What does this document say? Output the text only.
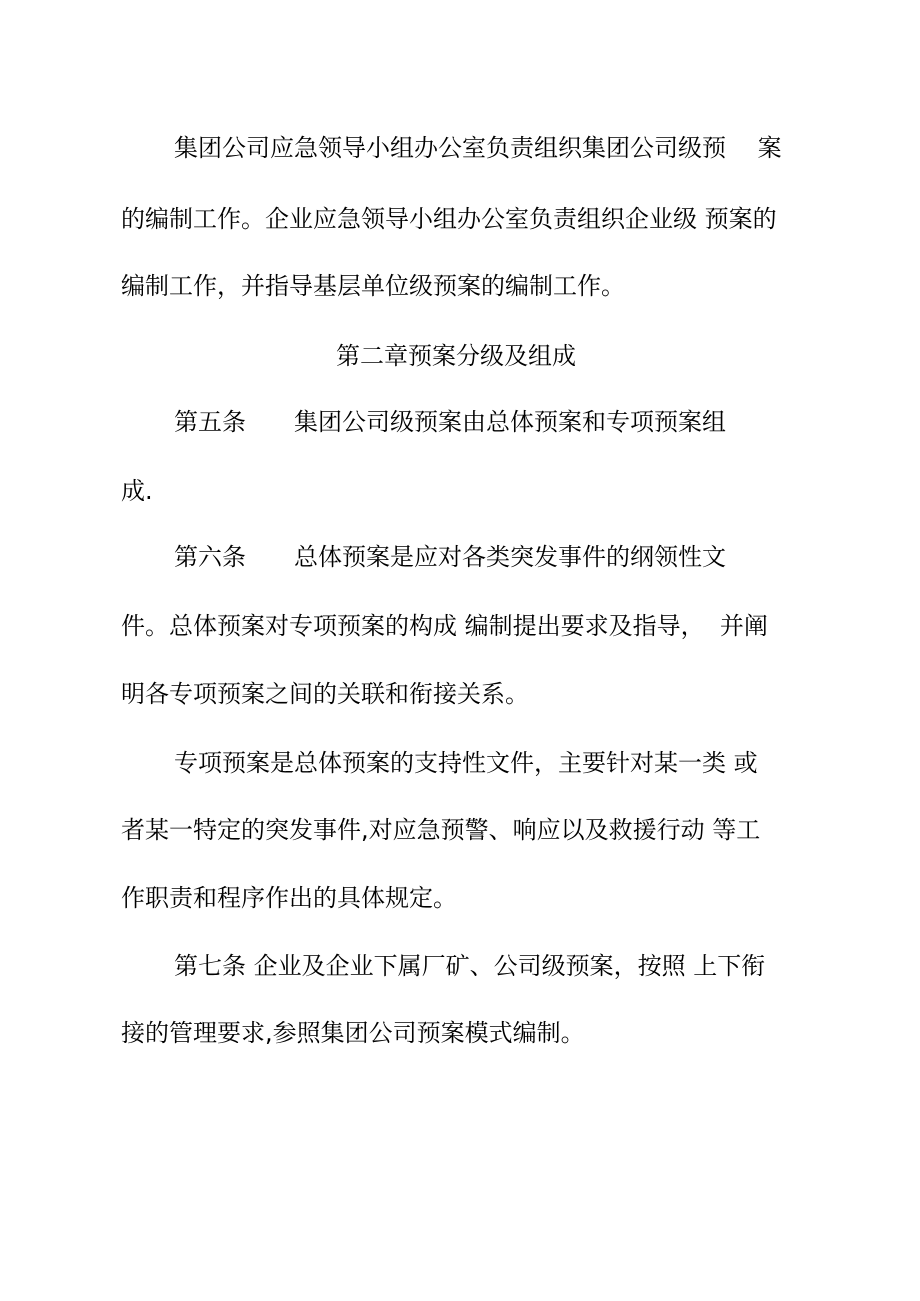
集团公司应急领导小组办公室负责组织集团公司级预　 案
的编制工作。企业应急领导小组办公室负责组织企业级 预案的
编制工作，并指导基层单位级预案的编制工作。
第二章预案分级及组成
第五条　　集团公司级预案由总体预案和专项预案组
成.
第六条　　总体预案是应对各类突发事件的纲领性文
件。总体预案对专项预案的构成 编制提出要求及指导，  并阐
明各专项预案之间的关联和衔接关系。
专项预案是总体预案的支持性文件，主要针对某一类 或
者某一特定的突发事件,对应急预警、响应以及救援行动 等工
作职责和程序作出的具体规定。
第七条 企业及企业下属厂矿、公司级预案，按照 上下衔
接的管理要求,参照集团公司预案模式编制。
